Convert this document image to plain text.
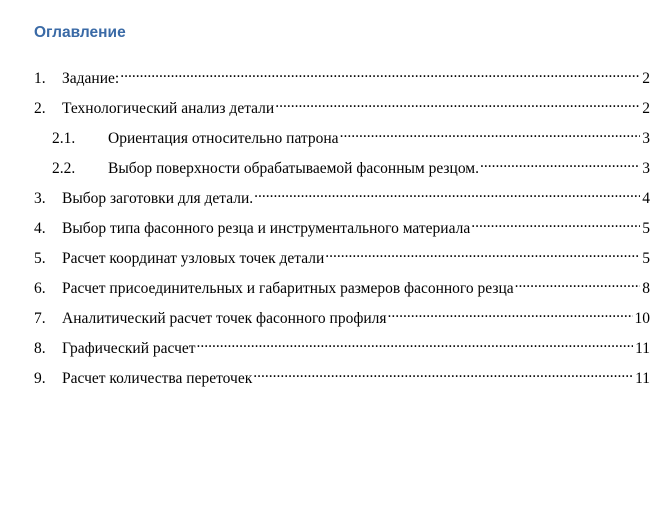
Оглавление
1.	Задание: .....	2
2.	Технологический анализ детали .....	2
2.1.	Ориентация относительно патрона .....	3
2.2.	Выбор поверхности обрабатываемой фасонным резцом. .....	3
3.	Выбор заготовки для детали. .....	4
4.	Выбор типа фасонного резца и инструментального материала .....	5
5.	Расчет координат узловых точек детали .....	5
6.	Расчет присоединительных и габаритных размеров фасонного резца .....	8
7.	Аналитический расчет точек фасонного профиля .....	10
8.	Графический расчет .....	11
9.	Расчет количества переточек .....	11
